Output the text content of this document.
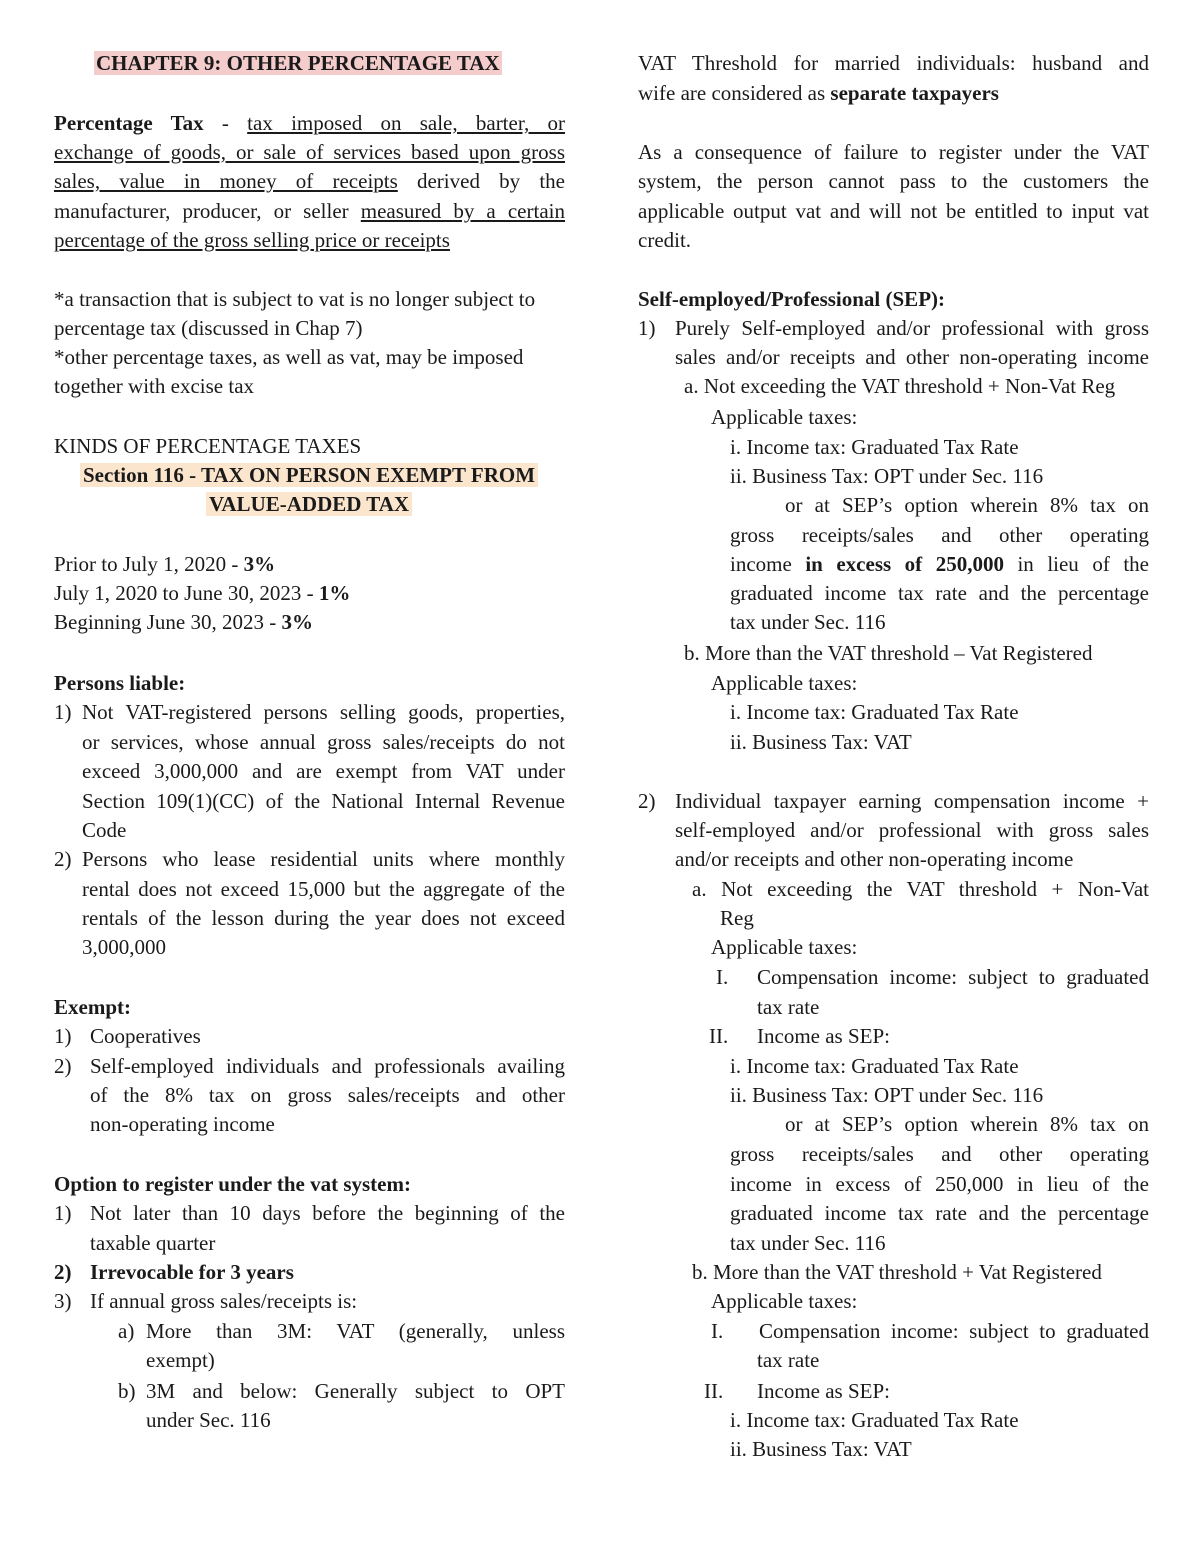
CHAPTER 9: OTHER PERCENTAGE TAX
Percentage Tax - tax imposed on sale, barter, or
exchange of goods, or sale of services based upon gross
sales, value in money of receipts derived by the
manufacturer, producer, or seller measured by a certain
percentage of the gross selling price or receipts
*a transaction that is subject to vat is no longer subject to
percentage tax (discussed in Chap 7)
*other percentage taxes, as well as vat, may be imposed
together with excise tax
KINDS OF PERCENTAGE TAXES
Section 116 - TAX ON PERSON EXEMPT FROM
VALUE-ADDED TAX
Prior to July 1, 2020 - 3%
July 1, 2020 to June 30, 2023 - 1%
Beginning June 30, 2023 - 3%
Persons liable:
1) Not VAT-registered persons selling goods, properties,
or services, whose annual gross sales/receipts do not
exceed 3,000,000 and are exempt from VAT under
Section 109(1)(CC) of the National Internal Revenue
Code
2) Persons who lease residential units where monthly
rental does not exceed 15,000 but the aggregate of the
rentals of the lesson during the year does not exceed
3,000,000
Exempt:
1) Cooperatives
2) Self-employed individuals and professionals availing
of the 8% tax on gross sales/receipts and other
non-operating income
Option to register under the vat system:
1) Not later than 10 days before the beginning of the
taxable quarter
2) Irrevocable for 3 years
3) If annual gross sales/receipts is:
a) More than 3M: VAT (generally, unless
exempt)
b) 3M and below: Generally subject to OPT
under Sec. 116
VAT Threshold for married individuals: husband and
wife are considered as separate taxpayers
As a consequence of failure to register under the VAT
system, the person cannot pass to the customers the
applicable output vat and will not be entitled to input vat
credit.
Self-employed/Professional (SEP):
1) Purely Self-employed and/or professional with gross
sales and/or receipts and other non-operating income
a. Not exceeding the VAT threshold + Non-Vat Reg
Applicable taxes:
i. Income tax: Graduated Tax Rate
ii. Business Tax: OPT under Sec. 116
or at SEP’s option wherein 8% tax on
gross receipts/sales and other operating
income in excess of 250,000 in lieu of the
graduated income tax rate and the percentage
tax under Sec. 116
b. More than the VAT threshold – Vat Registered
Applicable taxes:
i. Income tax: Graduated Tax Rate
ii. Business Tax: VAT
2) Individual taxpayer earning compensation income +
self-employed and/or professional with gross sales
and/or receipts and other non-operating income
a. Not exceeding the VAT threshold + Non-Vat
Reg
Applicable taxes:
I. Compensation income: subject to graduated
tax rate
II. Income as SEP:
i. Income tax: Graduated Tax Rate
ii. Business Tax: OPT under Sec. 116
or at SEP’s option wherein 8% tax on
gross receipts/sales and other operating
income in excess of 250,000 in lieu of the
graduated income tax rate and the percentage
tax under Sec. 116
b. More than the VAT threshold + Vat Registered
Applicable taxes:
I. Compensation income: subject to graduated
tax rate
II. Income as SEP:
i. Income tax: Graduated Tax Rate
ii. Business Tax: VAT
